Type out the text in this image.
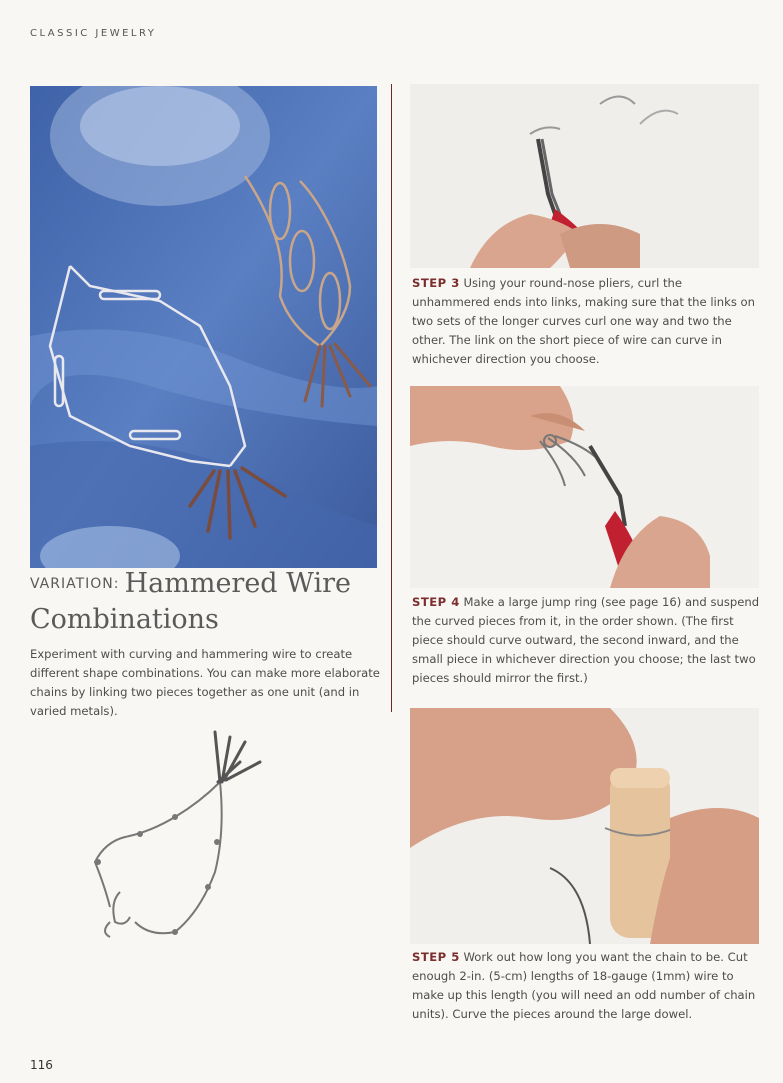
CLASSIC JEWELRY
STEP 3 Using your round-nose pliers, curl the unhammered ends into links, making sure that the links on two sets of the longer curves curl one way and two the other. The link on the short piece of wire can curve in whichever direction you choose.
STEP 4 Make a large jump ring (see page 16) and suspend the curved pieces from it, in the order shown. (The first piece should curve outward, the second inward, and the small piece in whichever direction you choose; the last two pieces should mirror the first.)
STEP 5 Work out how long you want the chain to be. Cut enough 2-in. (5-cm) lengths of 18-gauge (1mm) wire to make up this length (you will need an odd number of chain units). Curve the pieces around the large dowel.
VARIATION: Hammered Wire
Combinations
Experiment with curving and hammering wire to create different shape combinations. You can make more elaborate chains by linking two pieces together as one unit (and in varied metals).
116
